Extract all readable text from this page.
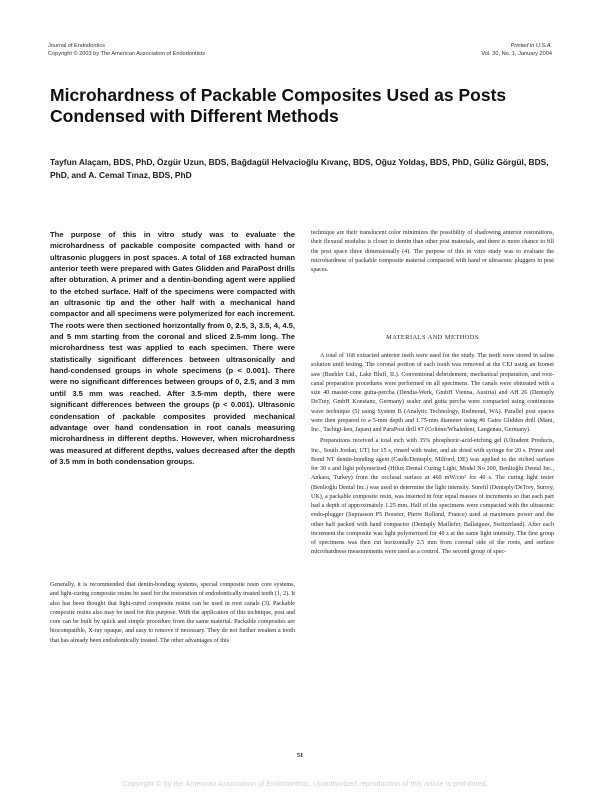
Journal of Endodontics
Copyright © 2003 by The American Association of Endodontists
Printed in U.S.A.
Vol. 30, No. 1, January 2004
Microhardness of Packable Composites Used as Posts Condensed with Different Methods
Tayfun Alaçam, BDS, PhD, Özgür Uzun, BDS, Bağdagül Helvacioğlu Kıvanç, BDS, Oğuz Yoldaş, BDS, PhD, Güliz Görgül, BDS, PhD, and A. Cemal Tınaz, BDS, PhD
The purpose of this in vitro study was to evaluate the microhardness of packable composite compacted with hand or ultrasonic pluggers in post spaces. A total of 168 extracted human anterior teeth were prepared with Gates Glidden and ParaPost drills after obturation. A primer and a dentin-bonding agent were applied to the etched surface. Half of the specimens were compacted with an ultrasonic tip and the other half with a mechanical hand compactor and all specimens were polymerized for each increment. The roots were then sectioned horizontally from 0, 2.5, 3, 3.5, 4, 4.5, and 5 mm starting from the coronal and sliced 2.5-mm long. The microhardness test was applied to each specimen. There were statistically significant differences between ultrasonically and hand-condensed groups in whole specimens (p < 0.001). There were no significant differences between groups of 0, 2.5, and 3 mm until 3.5 mm was reached. After 3.5-mm depth, there were significant differences between the groups (p < 0.001). Ultrasonic condensation of packable composites provided mechanical advantage over hand condensation in root canals measuring microhardness in different depths. However, when microhardness was measured at different depths, values decreased after the depth of 3.5 mm in both condensation groups.

Generally, it is recommended that dentin-bonding systems, special composite resin core systems, and light-curing composite resins be used for the restoration of endodontically treated teeth (1, 2). It also has been thought that light-cured composite resins can be used in root canals (3). Packable composite resins also may be used for this purpose. With the application of this technique, post and core can be built by quick and simple procedure from the same material. Packable composites are biocompatible, X-ray opaque, and easy to remove if necessary. They do not further weaken a tooth that has already been endodontically treated. The other advantages of this

technique are their translucent color minimizes the possibility of shadowing anterior restorations, their flexural modulus is closer to dentin than other post materials, and there is more chance to fill the post space three dimensionally (4). The purpose of this in vitro study was to evaluate the microhardness of packable composite material compacted with hand or ultrasonic pluggers in post spaces.

MATERIALS AND METHODS

A total of 168 extracted anterior teeth were used for the study. The teeth were stored in saline solution until testing. The coronal portion of each tooth was removed at the CEJ using an Isomet saw (Buehler Ltd., Lake Bluff, IL). Conventional debridement, mechanical preparation, and root-canal preparation procedures were performed on all specimens. The canals were obturated with a size 40 master-cone gutta-percha (Dendia-Werk, GmbH Vienna, Austria) and AH 26 (Dentsply DeTrey, GmbH Konstanz, Germany) sealer and gutta percha were compacted using continuous wave technique (5) using System B (Analytic Technology, Redmond, WA). Parallel post spaces were then prepared to a 5-mm depth and 1.75-mm diameter using #6 Gates Glidden drill (Mani, Inc., Tachigi-ken, Japan) and ParaPost drill #7 (Coltène/Whaledent, Langenau, Germany).

Preparations received a total etch with 35% phosphoric-acid-etching gel (Ultradent Products, Inc., South Jordan, UT) for 15 s, rinsed with water, and air dried with syringe for 20 s. Prime and Bond NT dentin-bonding agent (Caulk/Dentsply, Milford, DE) was applied to the etched surface for 30 s and light polymerized (Hilux Dental Curing Light, Model No 200, Benlioğlu Dental Inc., Ankara, Turkey) from the occlusal surface at 460 mW/cm² for 40 s. The curing light tester (Benlioğlu Dental Inc.) was used to determine the light intensity. Surefil (Dentsply/DeTrey, Surrey, UK), a packable composite resin, was inserted in four equal masses of increments so that each part had a depth of approximately 1.25 mm. Half of the specimens were compacted with the ultrasonic endo-plugger (Suprasson P5 Booster, Pierre Rolland, France) used at maximum power and the other half packed with hand compactor (Dentsply Maillefer, Ballaigues, Switzerland). After each increment the composite was light polymerized for 40 s at the same light intensity. The first group of specimens was then cut horizontally 2.5 mm from coronal side of the roots, and surface microhardness measurements were used as a control. The second group of spec-

51
Copyright © by the American Association of Endodontists. Unauthorized reproduction of this article is prohibited.
